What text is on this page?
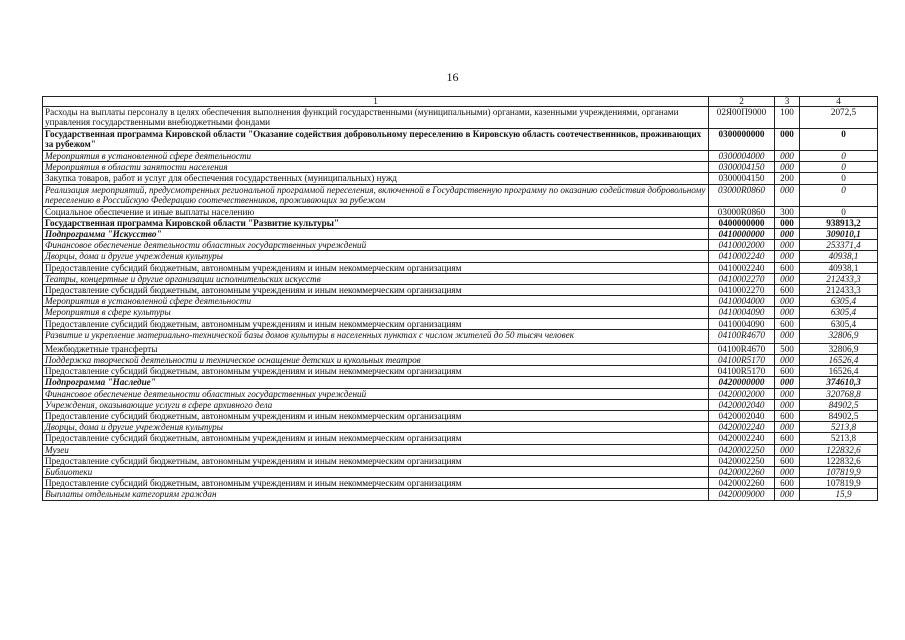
16
1	2	3	4
Расходы на выплаты персоналу в целях обеспечения выполнения функций государственными (муниципальными) органами, казенными учреждениями, органами управления государственными внебюджетными фондами	02Я00П9000	100	2072,5
Государственная программа Кировской области "Оказание содействия добровольному переселению в Кировскую область соотечественников, проживающих за рубежом"	0300000000	000	0
Мероприятия в установленной сфере деятельности	0300004000	000	0
Мероприятия в области занятости населения	0300004150	000	0
Закупка товаров, работ и услуг для обеспечения государственных (муниципальных) нужд	0300004150	200	0
Реализация мероприятий, предусмотренных региональной программой переселения, включенной в Государственную программу по оказанию содействия добровольному переселению в Российскую Федерацию соотечественников, проживающих за рубежом	03000R0860	000	0
Социальное обеспечение и иные выплаты населению	03000R0860	300	0
Государственная программа Кировской области "Развитие культуры"	0400000000	000	938913,2
Подпрограмма "Искусство"	0410000000	000	309010,1
Финансовое обеспечение деятельности областных государственных учреждений	0410002000	000	253371,4
Дворцы, дома и другие учреждения культуры	0410002240	000	40938,1
Предоставление субсидий бюджетным, автономным учреждениям и иным некоммерческим организациям	0410002240	600	40938,1
Театры, концертные и другие организации исполнительских искусств	0410002270	000	212433,3
Предоставление субсидий бюджетным, автономным учреждениям и иным некоммерческим организациям	0410002270	600	212433,3
Мероприятия в установленной сфере деятельности	0410004000	000	6305,4
Мероприятия в сфере культуры	0410004090	000	6305,4
Предоставление субсидий бюджетным, автономным учреждениям и иным некоммерческим организациям	0410004090	600	6305,4
Развитие и укрепление материально-технической базы домов культуры в населенных пунктах с числом жителей до 50 тысяч человек	04100R4670	000	32806,9
Межбюджетные трансферты	04100R4670	500	32806,9
Поддержка творческой деятельности и техническое оснащение детских и кукольных театров	04100R5170	000	16526,4
Предоставление субсидий бюджетным, автономным учреждениям и иным некоммерческим организациям	04100R5170	600	16526,4
Подпрограмма "Наследие"	0420000000	000	374610,3
Финансовое обеспечение деятельности областных государственных учреждений	0420002000	000	320768,8
Учреждения, оказывающие услуги в сфере архивного дела	0420002040	000	84902,5
Предоставление субсидий бюджетным, автономным учреждениям и иным некоммерческим организациям	0420002040	600	84902,5
Дворцы, дома и другие учреждения культуры	0420002240	000	5213,8
Предоставление субсидий бюджетным, автономным учреждениям и иным некоммерческим организациям	0420002240	600	5213,8
Музеи	0420002250	000	122832,6
Предоставление субсидий бюджетным, автономным учреждениям и иным некоммерческим организациям	0420002250	600	122832,6
Библиотеки	0420002260	000	107819,9
Предоставление субсидий бюджетным, автономным учреждениям и иным некоммерческим организациям	0420002260	600	107819,9
Выплаты отдельным категориям граждан	0420009000	000	15,9
